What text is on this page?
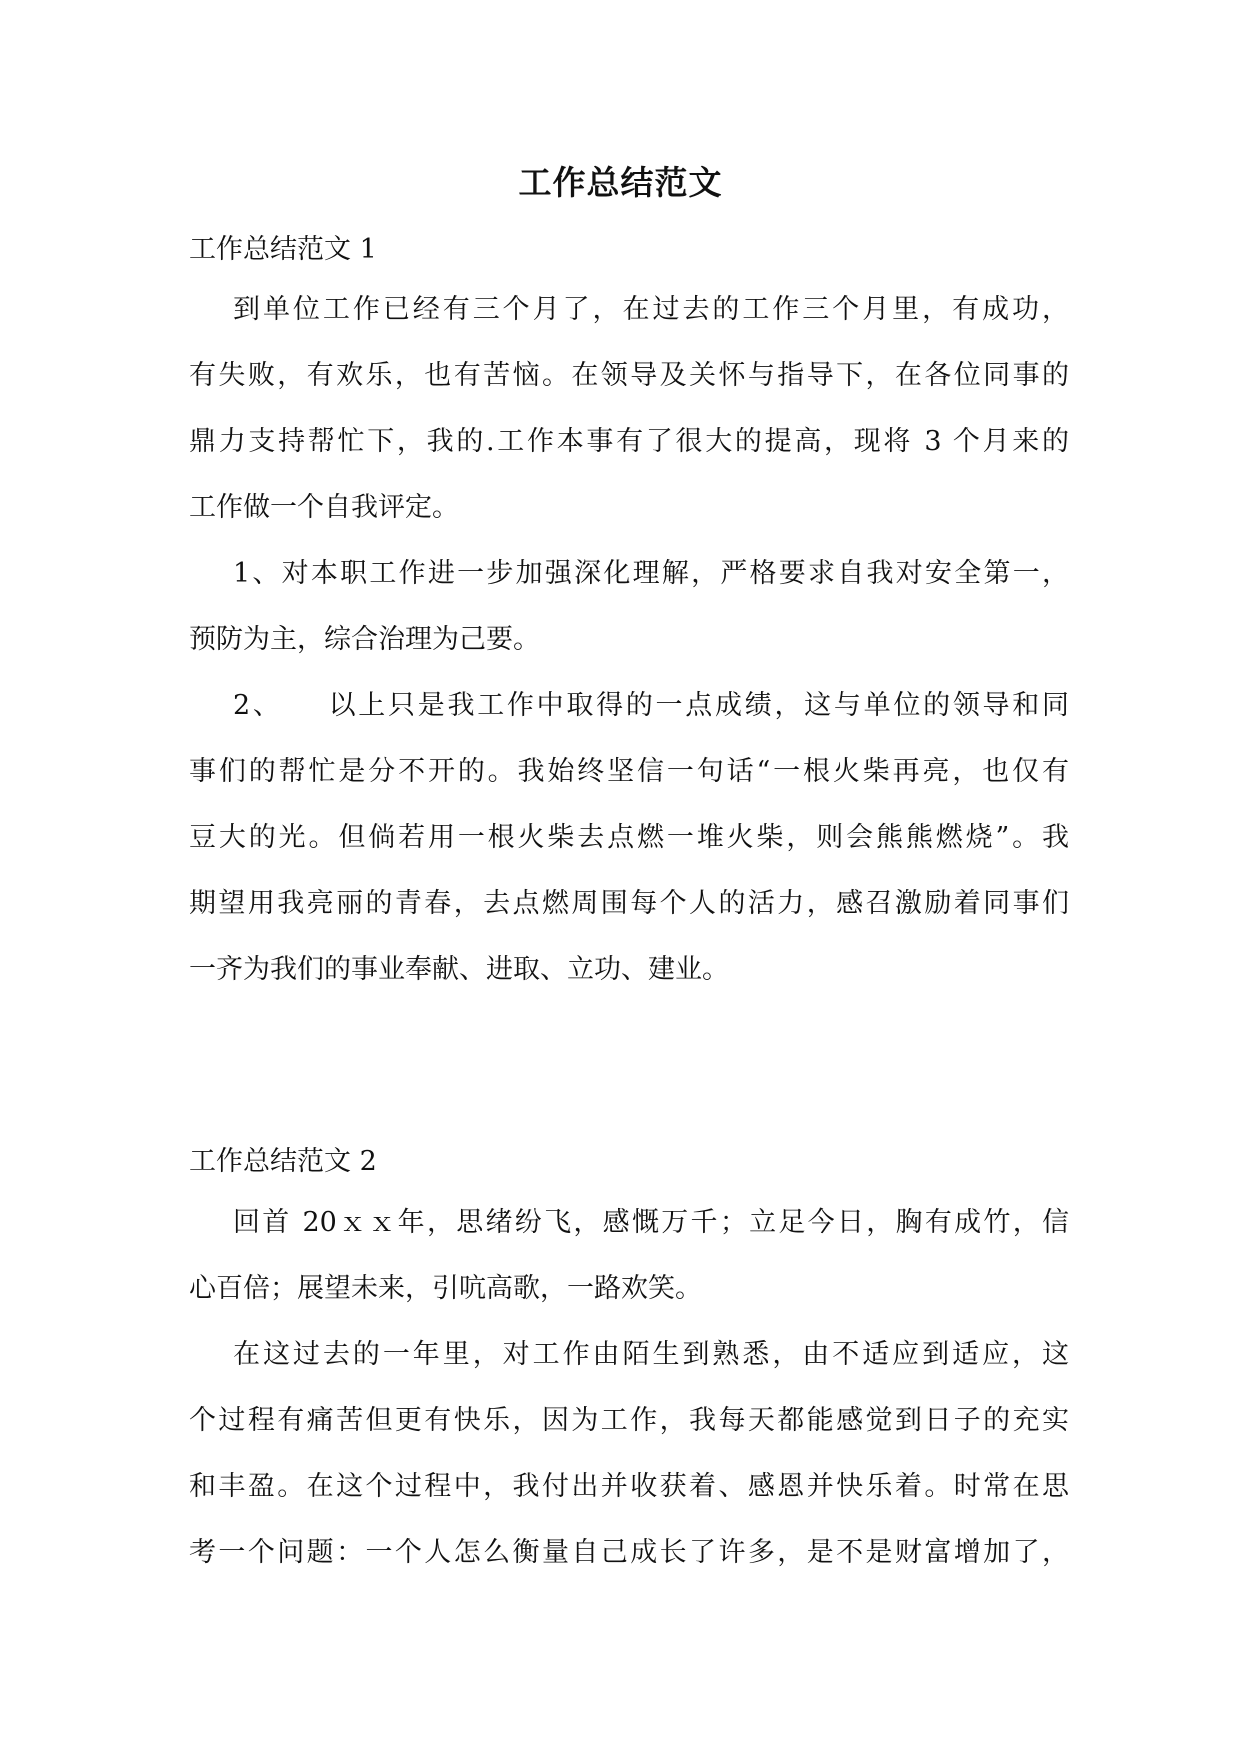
工作总结范文
工作总结范文 1
到单位工作已经有三个月了，在过去的工作三个月里，有成功，
有失败，有欢乐，也有苦恼。在领导及关怀与指导下，在各位同事的
鼎力支持帮忙下，我的.工作本事有了很大的提高，现将 3 个月来的
工作做一个自我评定。
1、对本职工作进一步加强深化理解，严格要求自我对安全第一，
预防为主，综合治理为己要。
2、　　以上只是我工作中取得的一点成绩，这与单位的领导和同
事们的帮忙是分不开的。我始终坚信一句话“一根火柴再亮，也仅有
豆大的光。但倘若用一根火柴去点燃一堆火柴，则会熊熊燃烧”。我
期望用我亮丽的青春，去点燃周围每个人的活力，感召激励着同事们
一齐为我们的事业奉献、进取、立功、建业。
工作总结范文 2
回首 20ｘｘ年，思绪纷飞，感慨万千；立足今日，胸有成竹，信
心百倍；展望未来，引吭高歌，一路欢笑。
在这过去的一年里，对工作由陌生到熟悉，由不适应到适应，这
个过程有痛苦但更有快乐，因为工作，我每天都能感觉到日子的充实
和丰盈。在这个过程中，我付出并收获着、感恩并快乐着。时常在思
考一个问题：一个人怎么衡量自己成长了许多，是不是财富增加了，
